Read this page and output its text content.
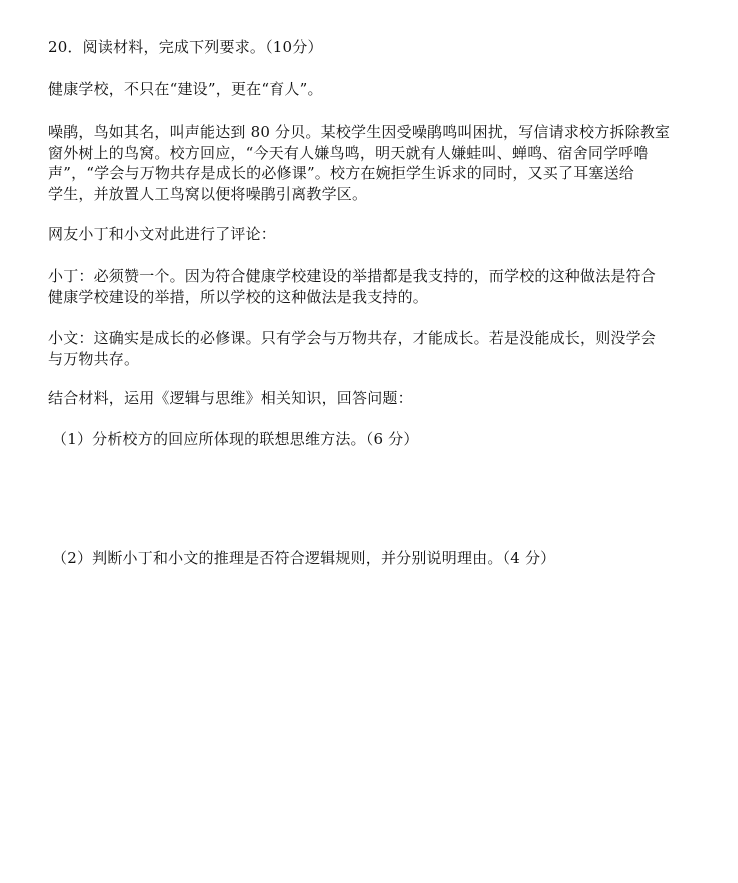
20．阅读材料，完成下列要求。（10分）
健康学校，不只在“建设”，更在“育人”。
噪鹃，鸟如其名，叫声能达到 80 分贝。某校学生因受噪鹃鸣叫困扰，写信请求校方拆除教室
窗外树上的鸟窝。校方回应，“今天有人嫌鸟鸣，明天就有人嫌蛙叫、蝉鸣、宿舍同学呼噜
声”，“学会与万物共存是成长的必修课”。校方在婉拒学生诉求的同时，又买了耳塞送给
学生，并放置人工鸟窝以便将噪鹃引离教学区。
网友小丁和小文对此进行了评论：
小丁：必须赞一个。因为符合健康学校建设的举措都是我支持的，而学校的这种做法是符合
健康学校建设的举措，所以学校的这种做法是我支持的。
小文：这确实是成长的必修课。只有学会与万物共存，才能成长。若是没能成长，则没学会
与万物共存。
结合材料，运用《逻辑与思维》相关知识，回答问题：
（1）分析校方的回应所体现的联想思维方法。（6 分）
（2）判断小丁和小文的推理是否符合逻辑规则，并分别说明理由。（4 分）
